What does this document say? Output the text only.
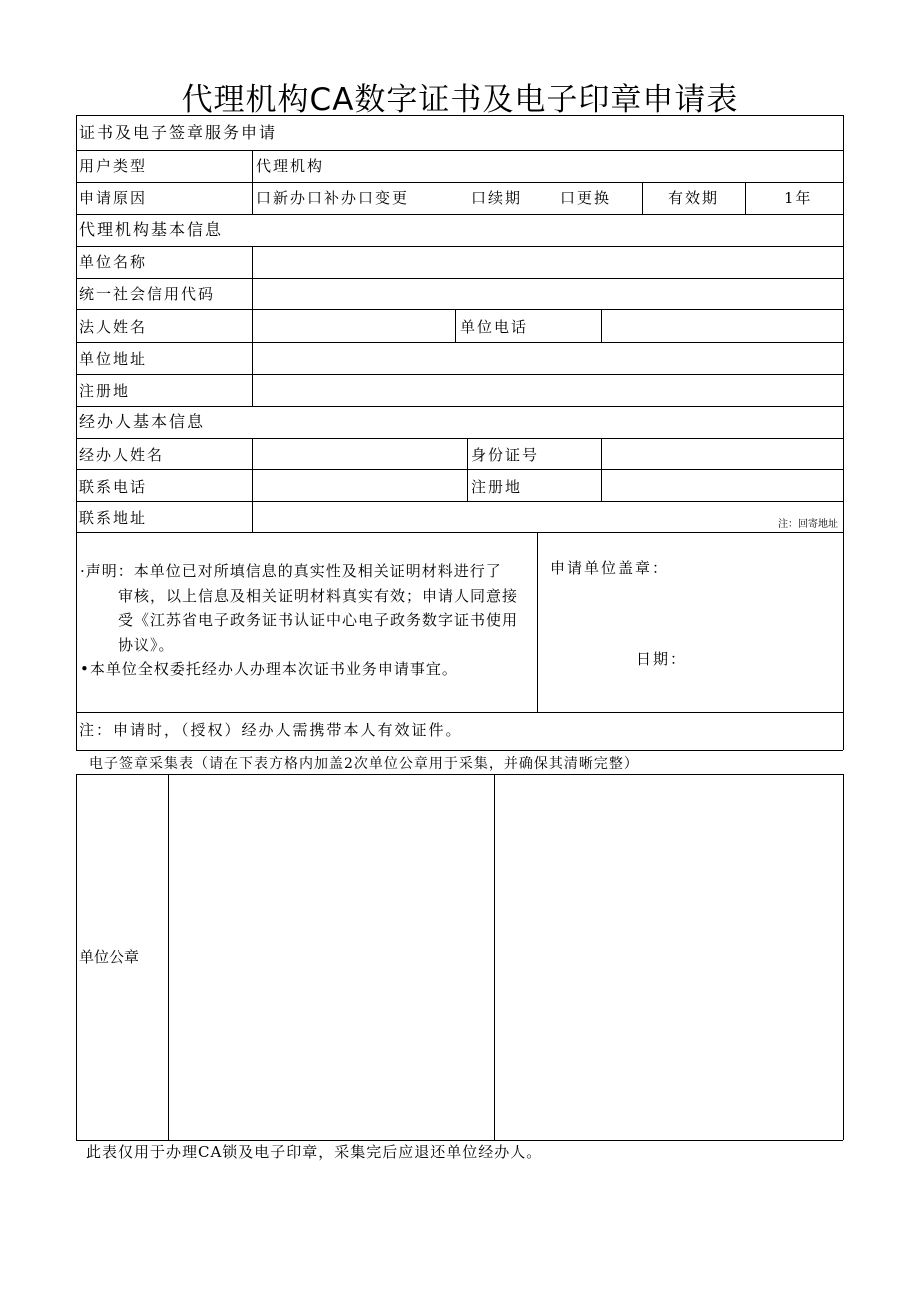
代理机构CA数字证书及电子印章申请表
证书及电子签章服务申请
用户类型	代理机构
申请原因	口新办口补办口变更	口续期	口更换	有效期	1年
代理机构基本信息
单位名称
统一社会信用代码
法人姓名	单位电话
单位地址
注册地
经办人基本信息
经办人姓名	身份证号
联系电话	注册地
联系地址	注：回寄地址

·声明：本单位已对所填信息的真实性及相关证明材料进行了

审核，以上信息及相关证明材料真实有效；申请人同意接

受《江苏省电子政务证书认证中心电子政务数字证书使用

协议》。

•本单位全权委托经办人办理本次证书业务申请事宜。

申请单位盖章：
日期：
注：申请时，（授权）经办人需携带本人有效证件。
电子签章采集表（请在下表方格内加盖2次单位公章用于采集，并确保其清晰完整）
单位公章
此表仅用于办理CA锁及电子印章，采集完后应退还单位经办人。
